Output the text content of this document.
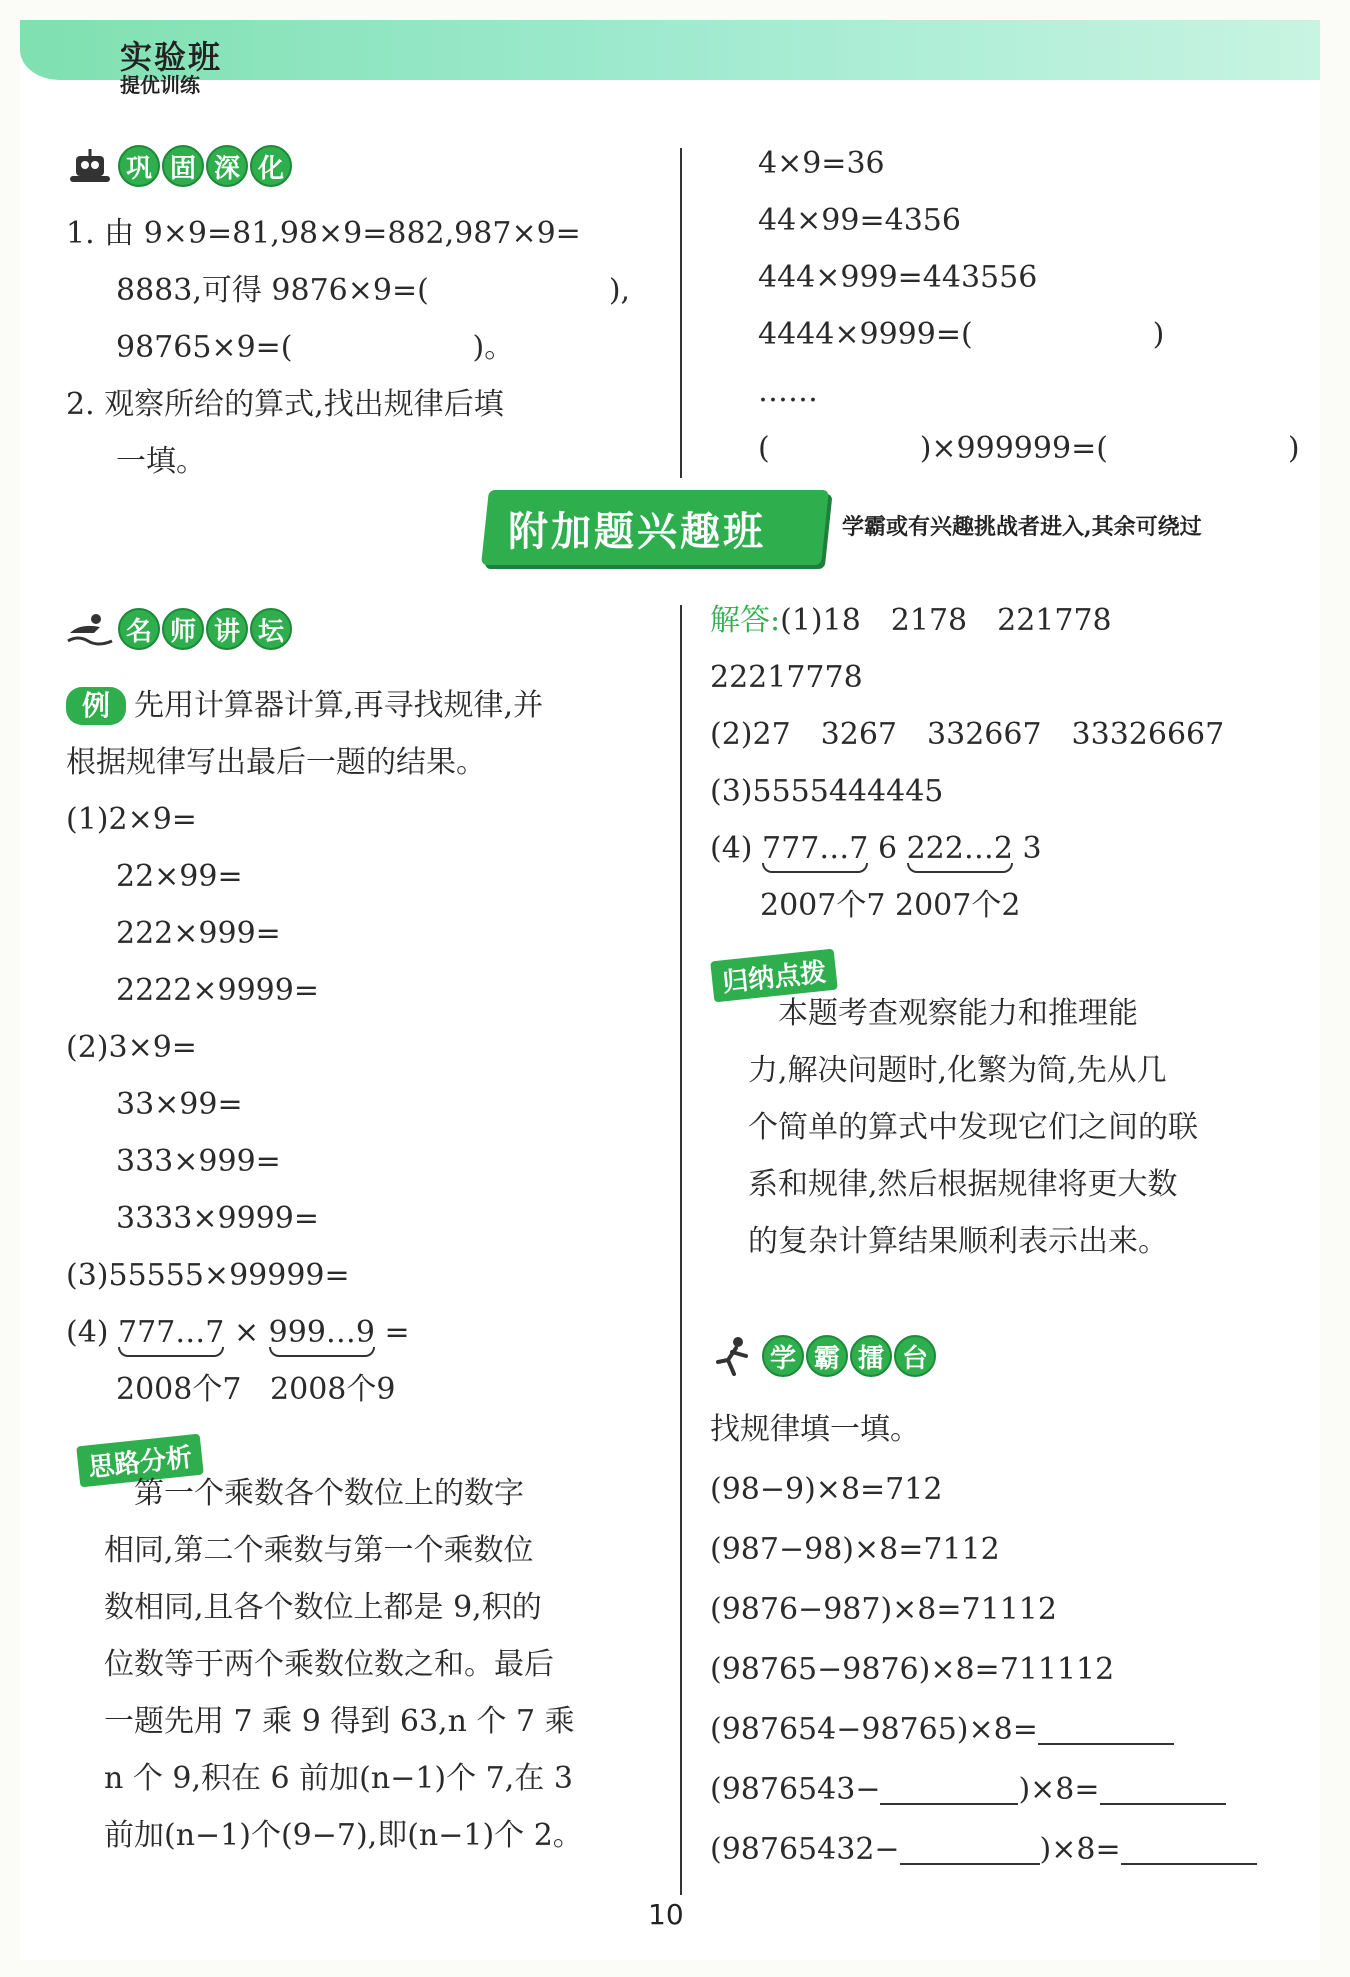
实验班
提优训练
巩 固 深 化
1. 由 9×9=81,98×9=882,987×9=
8883,可得 9876×9=(　　　　　　),
98765×9=(　　　　　　)。
2. 观察所给的算式,找出规律后填
一填。
4×9=36
44×99=4356
444×999=443556
4444×9999=(　　　　　　)
……
(　　　　　)×999999=(　　　　　　)
附加题兴趣班	学霸或有兴趣挑战者进入,其余可绕过
名 师 讲 坛
例 先用计算器计算,再寻找规律,并
根据规律写出最后一题的结果。
(1)2×9=
22×99=
222×999=
2222×9999=
(2)3×9=
33×99=
333×999=
3333×9999=
(3)55555×99999=
(4) 777…7 × 999…9 =
2008个7 2008个9
思路分析
　第一个乘数各个数位上的数字
相同,第二个乘数与第一个乘数位
数相同,且各个数位上都是 9,积的
位数等于两个乘数位数之和。最后
一题先用 7 乘 9 得到 63,n 个 7 乘
n 个 9,积在 6 前加(n−1)个 7,在 3
前加(n−1)个(9−7),即(n−1)个 2。
解答:(1)18　2178　221778
22217778
(2)27　3267　332667　33326667
(3)5555444445
(4) 777…7 6 222…2 3
2007个7 2007个2
归纳点拨
　本题考查观察能力和推理能
力,解决问题时,化繁为简,先从几
个简单的算式中发现它们之间的联
系和规律,然后根据规律将更大数
的复杂计算结果顺利表示出来。
学 霸 擂 台
找规律填一填。
(98−9)×8=712
(987−98)×8=7112
(9876−987)×8=71112
(98765−9876)×8=711112
(987654−98765)×8=
(9876543−	)×8=
(98765432−	)×8=
10
